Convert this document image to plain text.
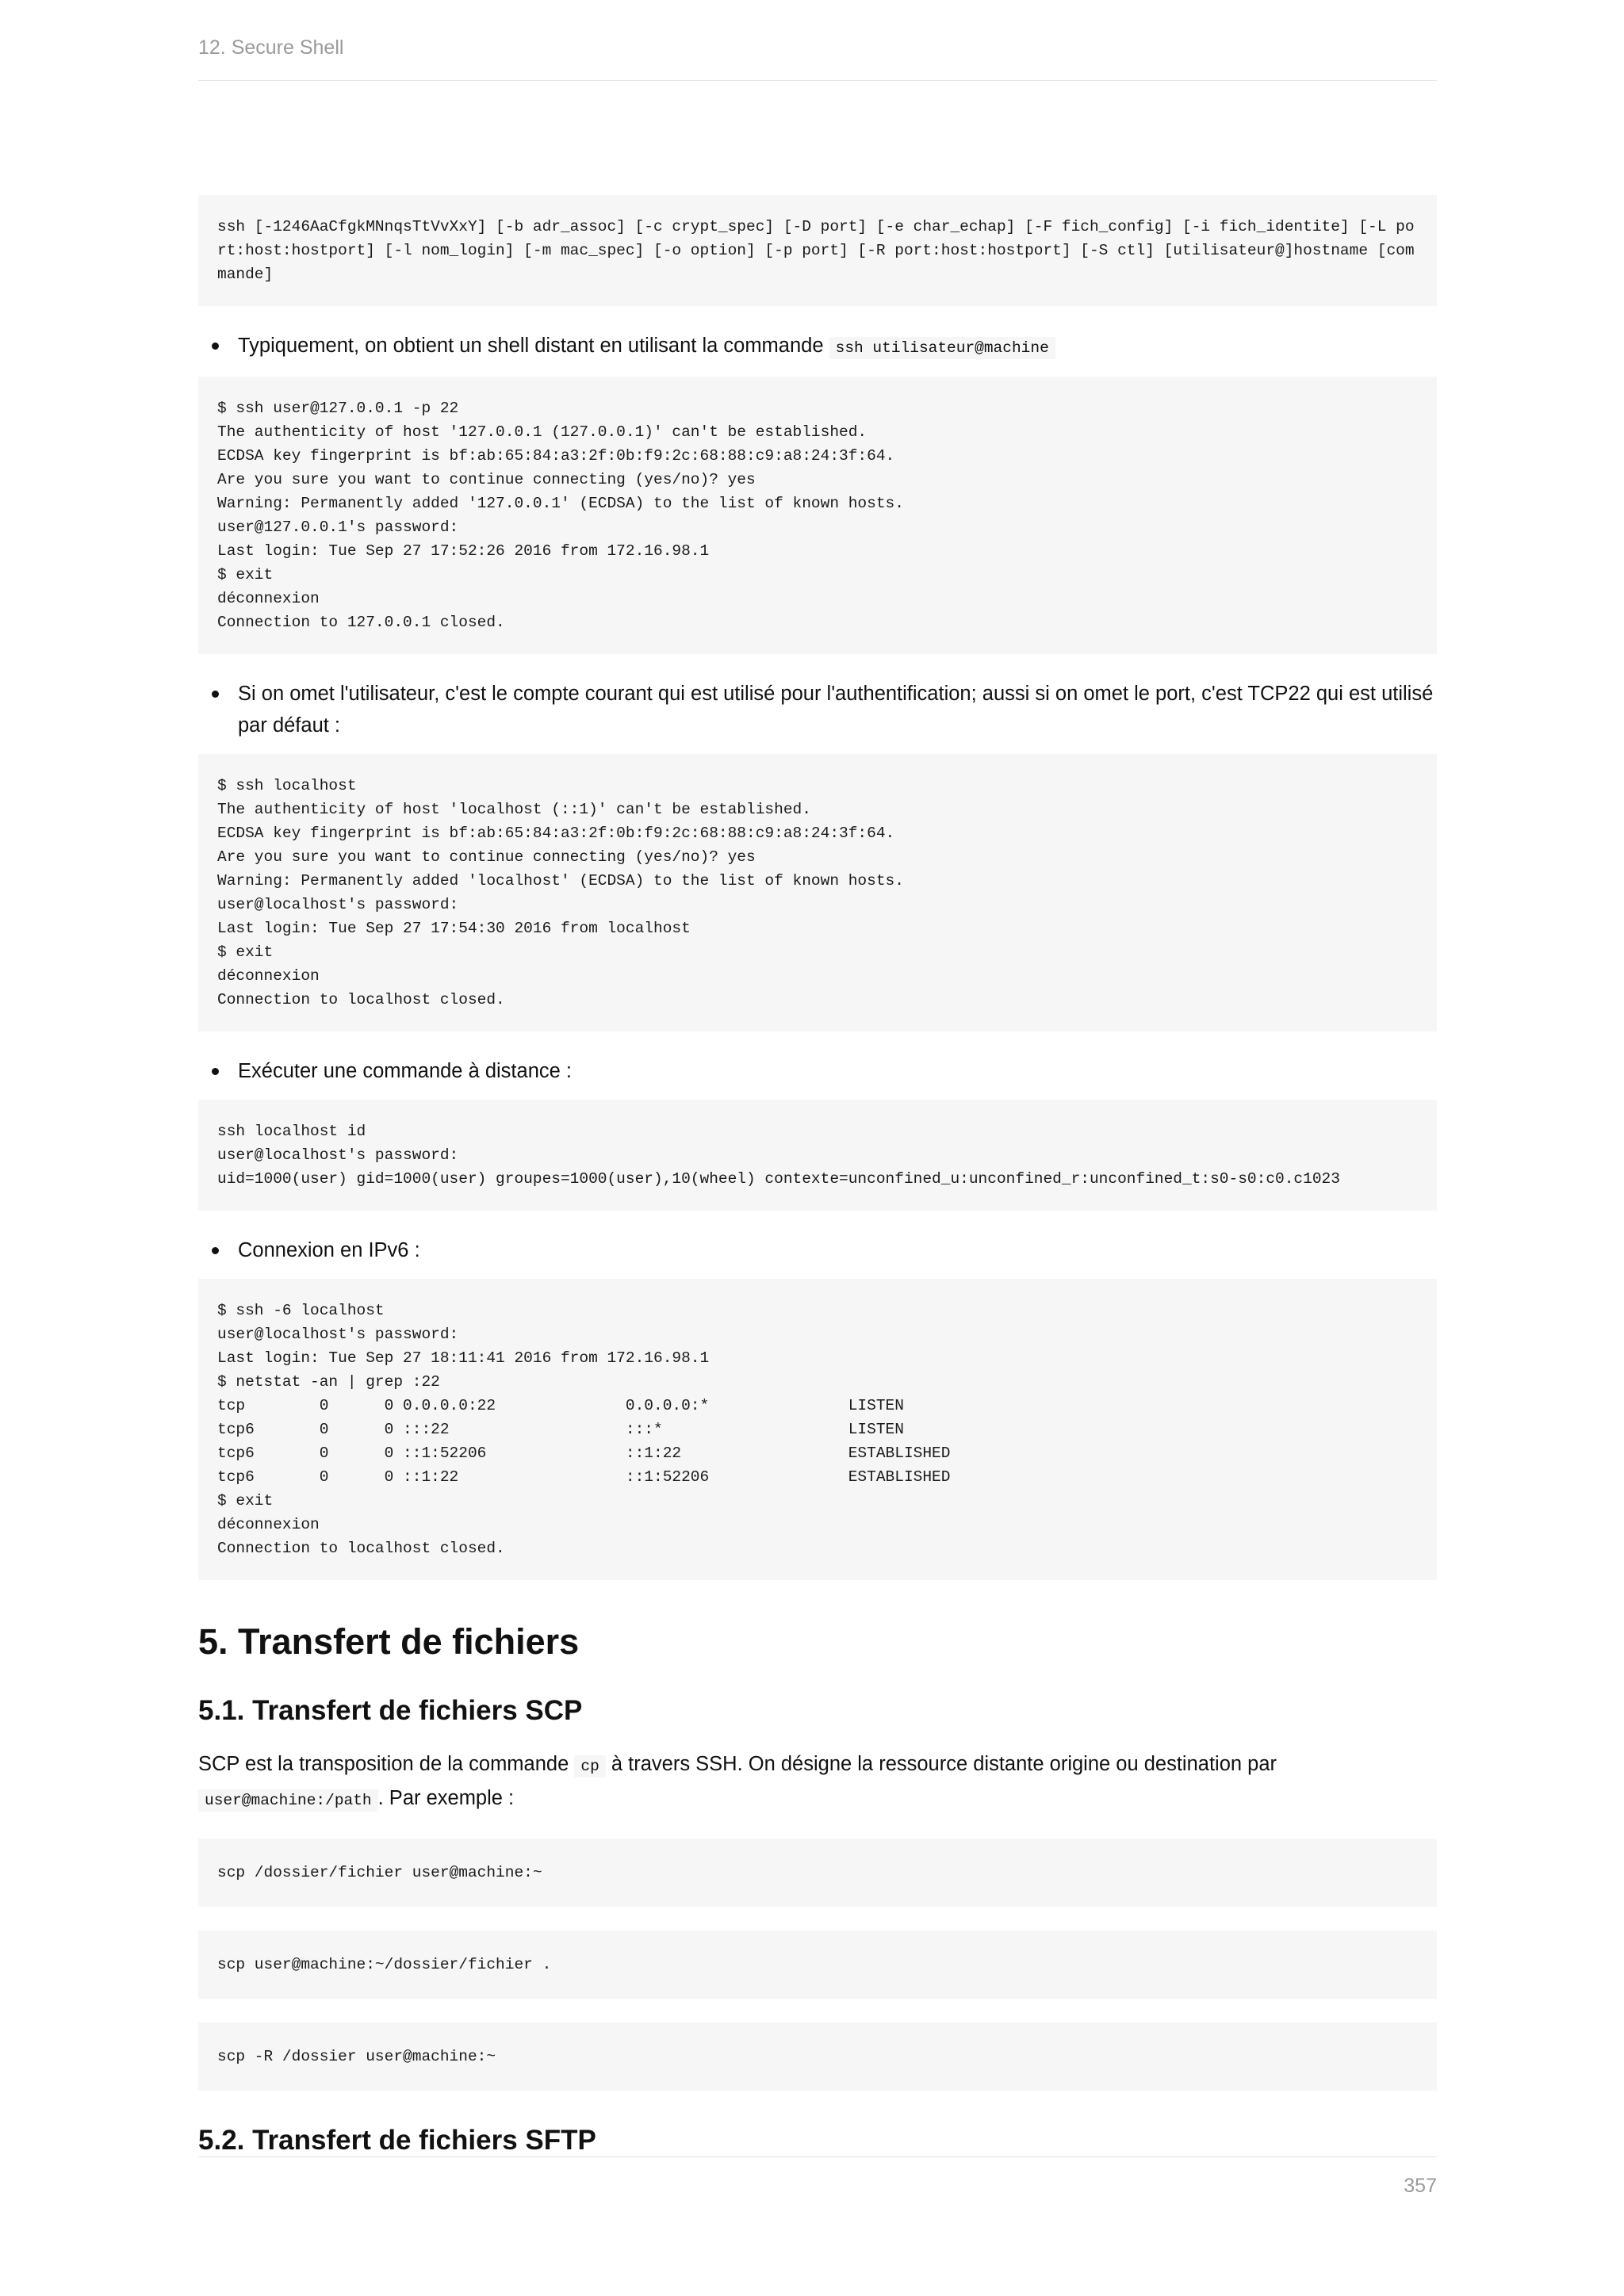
12. Secure Shell
ssh [-1246AaCfgkMNnqsTtVvXxY] [-b adr_assoc] [-c crypt_spec] [-D port] [-e char_echap] [-F fich_config] [-i fich_identite] [-L port:host:hostport] [-l nom_login] [-m mac_spec] [-o option] [-p port] [-R port:host:hostport] [-S ctl] [utilisateur@]hostname [commande]
Typiquement, on obtient un shell distant en utilisant la commande ssh utilisateur@machine
$ ssh user@127.0.0.1 -p 22
The authenticity of host '127.0.0.1 (127.0.0.1)' can't be established.
ECDSA key fingerprint is bf:ab:65:84:a3:2f:0b:f9:2c:68:88:c9:a8:24:3f:64.
Are you sure you want to continue connecting (yes/no)? yes
Warning: Permanently added '127.0.0.1' (ECDSA) to the list of known hosts.
user@127.0.0.1's password:
Last login: Tue Sep 27 17:52:26 2016 from 172.16.98.1
$ exit
déconnexion
Connection to 127.0.0.1 closed.
Si on omet l'utilisateur, c'est le compte courant qui est utilisé pour l'authentification; aussi si on omet le port, c'est TCP22 qui est utilisé par défaut :
$ ssh localhost
The authenticity of host 'localhost (::1)' can't be established.
ECDSA key fingerprint is bf:ab:65:84:a3:2f:0b:f9:2c:68:88:c9:a8:24:3f:64.
Are you sure you want to continue connecting (yes/no)? yes
Warning: Permanently added 'localhost' (ECDSA) to the list of known hosts.
user@localhost's password:
Last login: Tue Sep 27 17:54:30 2016 from localhost
$ exit
déconnexion
Connection to localhost closed.
Exécuter une commande à distance :
ssh localhost id
user@localhost's password:
uid=1000(user) gid=1000(user) groupes=1000(user),10(wheel) contexte=unconfined_u:unconfined_r:unconfined_t:s0-s0:c0.c1023
Connexion en IPv6 :
$ ssh -6 localhost
user@localhost's password:
Last login: Tue Sep 27 18:11:41 2016 from 172.16.98.1
$ netstat -an | grep :22
tcp        0      0 0.0.0.0:22              0.0.0.0:*               LISTEN
tcp6       0      0 :::22                   :::*                    LISTEN
tcp6       0      0 ::1:52206               ::1:22                  ESTABLISHED
tcp6       0      0 ::1:22                  ::1:52206               ESTABLISHED
$ exit
déconnexion
Connection to localhost closed.
5. Transfert de fichiers
5.1. Transfert de fichiers SCP

SCP est la transposition de la commande cp à travers SSH. On désigne la ressource distante origine ou destination par
user@machine:/path . Par exemple :

scp /dossier/fichier user@machine:~
scp user@machine:~/dossier/fichier .
scp -R /dossier user@machine:~
5.2. Transfert de fichiers SFTP
357
